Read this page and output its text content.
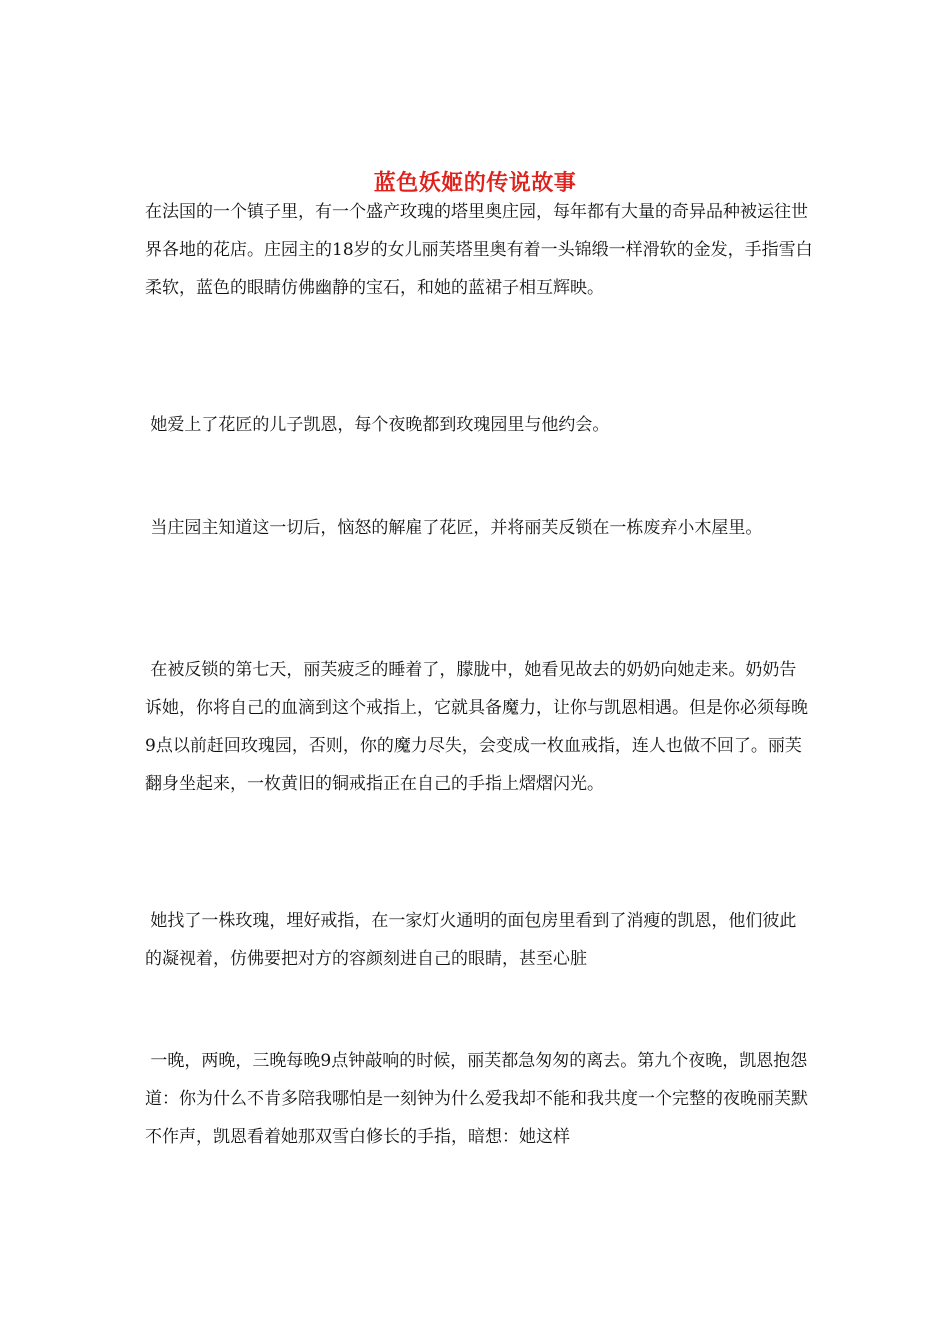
蓝色妖姬的传说故事

在法国的一个镇子里，有一个盛产玫瑰的塔里奥庄园，每年都有大量的奇异品种被运往世界各地的花店。庄园主的18岁的女儿丽芙塔里奥有着一头锦缎一样滑软的金发，手指雪白柔软，蓝色的眼睛仿佛幽静的宝石，和她的蓝裙子相互辉映。

她爱上了花匠的儿子凯恩，每个夜晚都到玫瑰园里与他约会。

当庄园主知道这一切后，恼怒的解雇了花匠，并将丽芙反锁在一栋废弃小木屋里。

在被反锁的第七天，丽芙疲乏的睡着了，朦胧中，她看见故去的奶奶向她走来。奶奶告诉她，你将自己的血滴到这个戒指上，它就具备魔力，让你与凯恩相遇。但是你必须每晚9点以前赶回玫瑰园，否则，你的魔力尽失，会变成一枚血戒指，连人也做不回了。丽芙翻身坐起来，一枚黄旧的铜戒指正在自己的手指上熠熠闪光。

她找了一株玫瑰，埋好戒指，在一家灯火通明的面包房里看到了消瘦的凯恩，他们彼此的凝视着，仿佛要把对方的容颜刻进自己的眼睛，甚至心脏

一晚，两晚，三晚每晚9点钟敲响的时候，丽芙都急匆匆的离去。第九个夜晚，凯恩抱怨道：你为什么不肯多陪我哪怕是一刻钟为什么爱我却不能和我共度一个完整的夜晚丽芙默不作声，凯恩看着她那双雪白修长的手指，暗想：她这样
